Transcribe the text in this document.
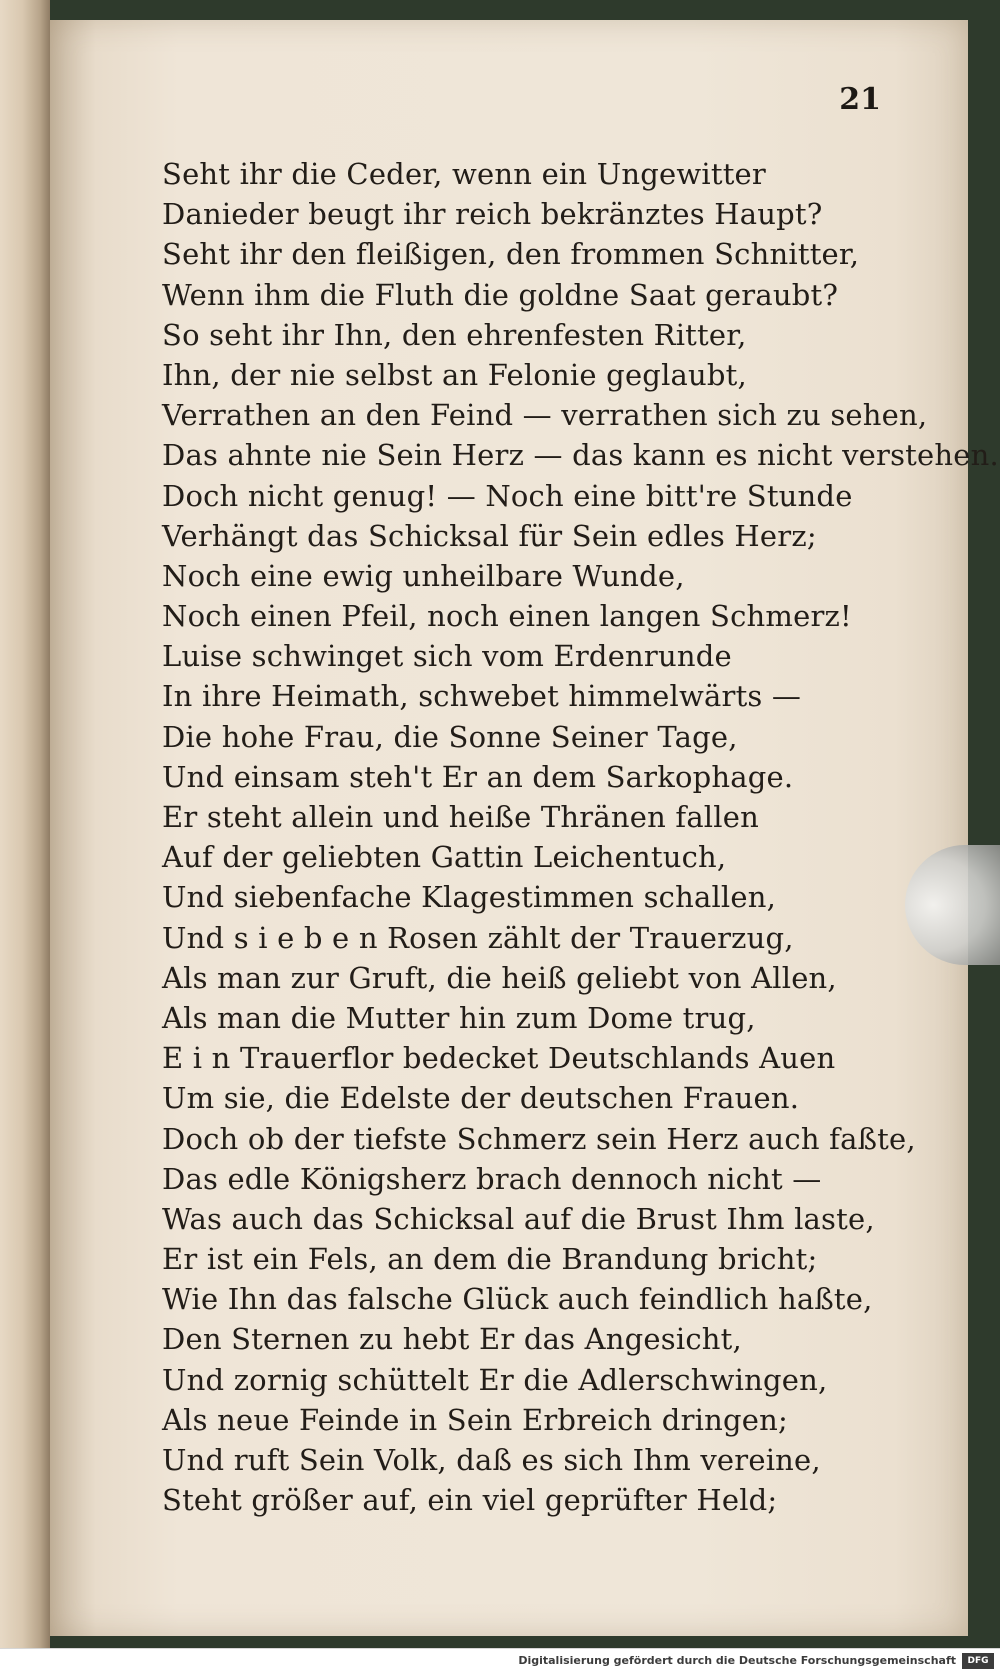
21
Seht ihr die Ceder, wenn ein Ungewitter
Danieder beugt ihr reich bekränztes Haupt?
Seht ihr den fleißigen, den frommen Schnitter,
Wenn ihm die Fluth die goldne Saat geraubt?
So seht ihr Ihn, den ehrenfesten Ritter,
Ihn, der nie selbst an Felonie geglaubt,
Verrathen an den Feind — verrathen sich zu sehen,
Das ahnte nie Sein Herz — das kann es nicht verstehen.
Doch nicht genug! — Noch eine bitt're Stunde
Verhängt das Schicksal für Sein edles Herz;
Noch eine ewig unheilbare Wunde,
Noch einen Pfeil, noch einen langen Schmerz!
Luise schwinget sich vom Erdenrunde
In ihre Heimath, schwebet himmelwärts —
Die hohe Frau, die Sonne Seiner Tage,
Und einsam steh't Er an dem Sarkophage.
Er steht allein und heiße Thränen fallen
Auf der geliebten Gattin Leichentuch,
Und siebenfache Klagestimmen schallen,
Und s i e b e n Rosen zählt der Trauerzug,
Als man zur Gruft, die heiß geliebt von Allen,
Als man die Mutter hin zum Dome trug,
E i n Trauerflor bedecket Deutschlands Auen
Um sie, die Edelste der deutschen Frauen.
Doch ob der tiefste Schmerz sein Herz auch faßte,
Das edle Königsherz brach dennoch nicht —
Was auch das Schicksal auf die Brust Ihm laste,
Er ist ein Fels, an dem die Brandung bricht;
Wie Ihn das falsche Glück auch feindlich haßte,
Den Sternen zu hebt Er das Angesicht,
Und zornig schüttelt Er die Adlerschwingen,
Als neue Feinde in Sein Erbreich dringen;
Und ruft Sein Volk, daß es sich Ihm vereine,
Steht größer auf, ein viel geprüfter Held;
Digitalisierung gefördert durch die Deutsche Forschungsgemeinschaft	DFG
